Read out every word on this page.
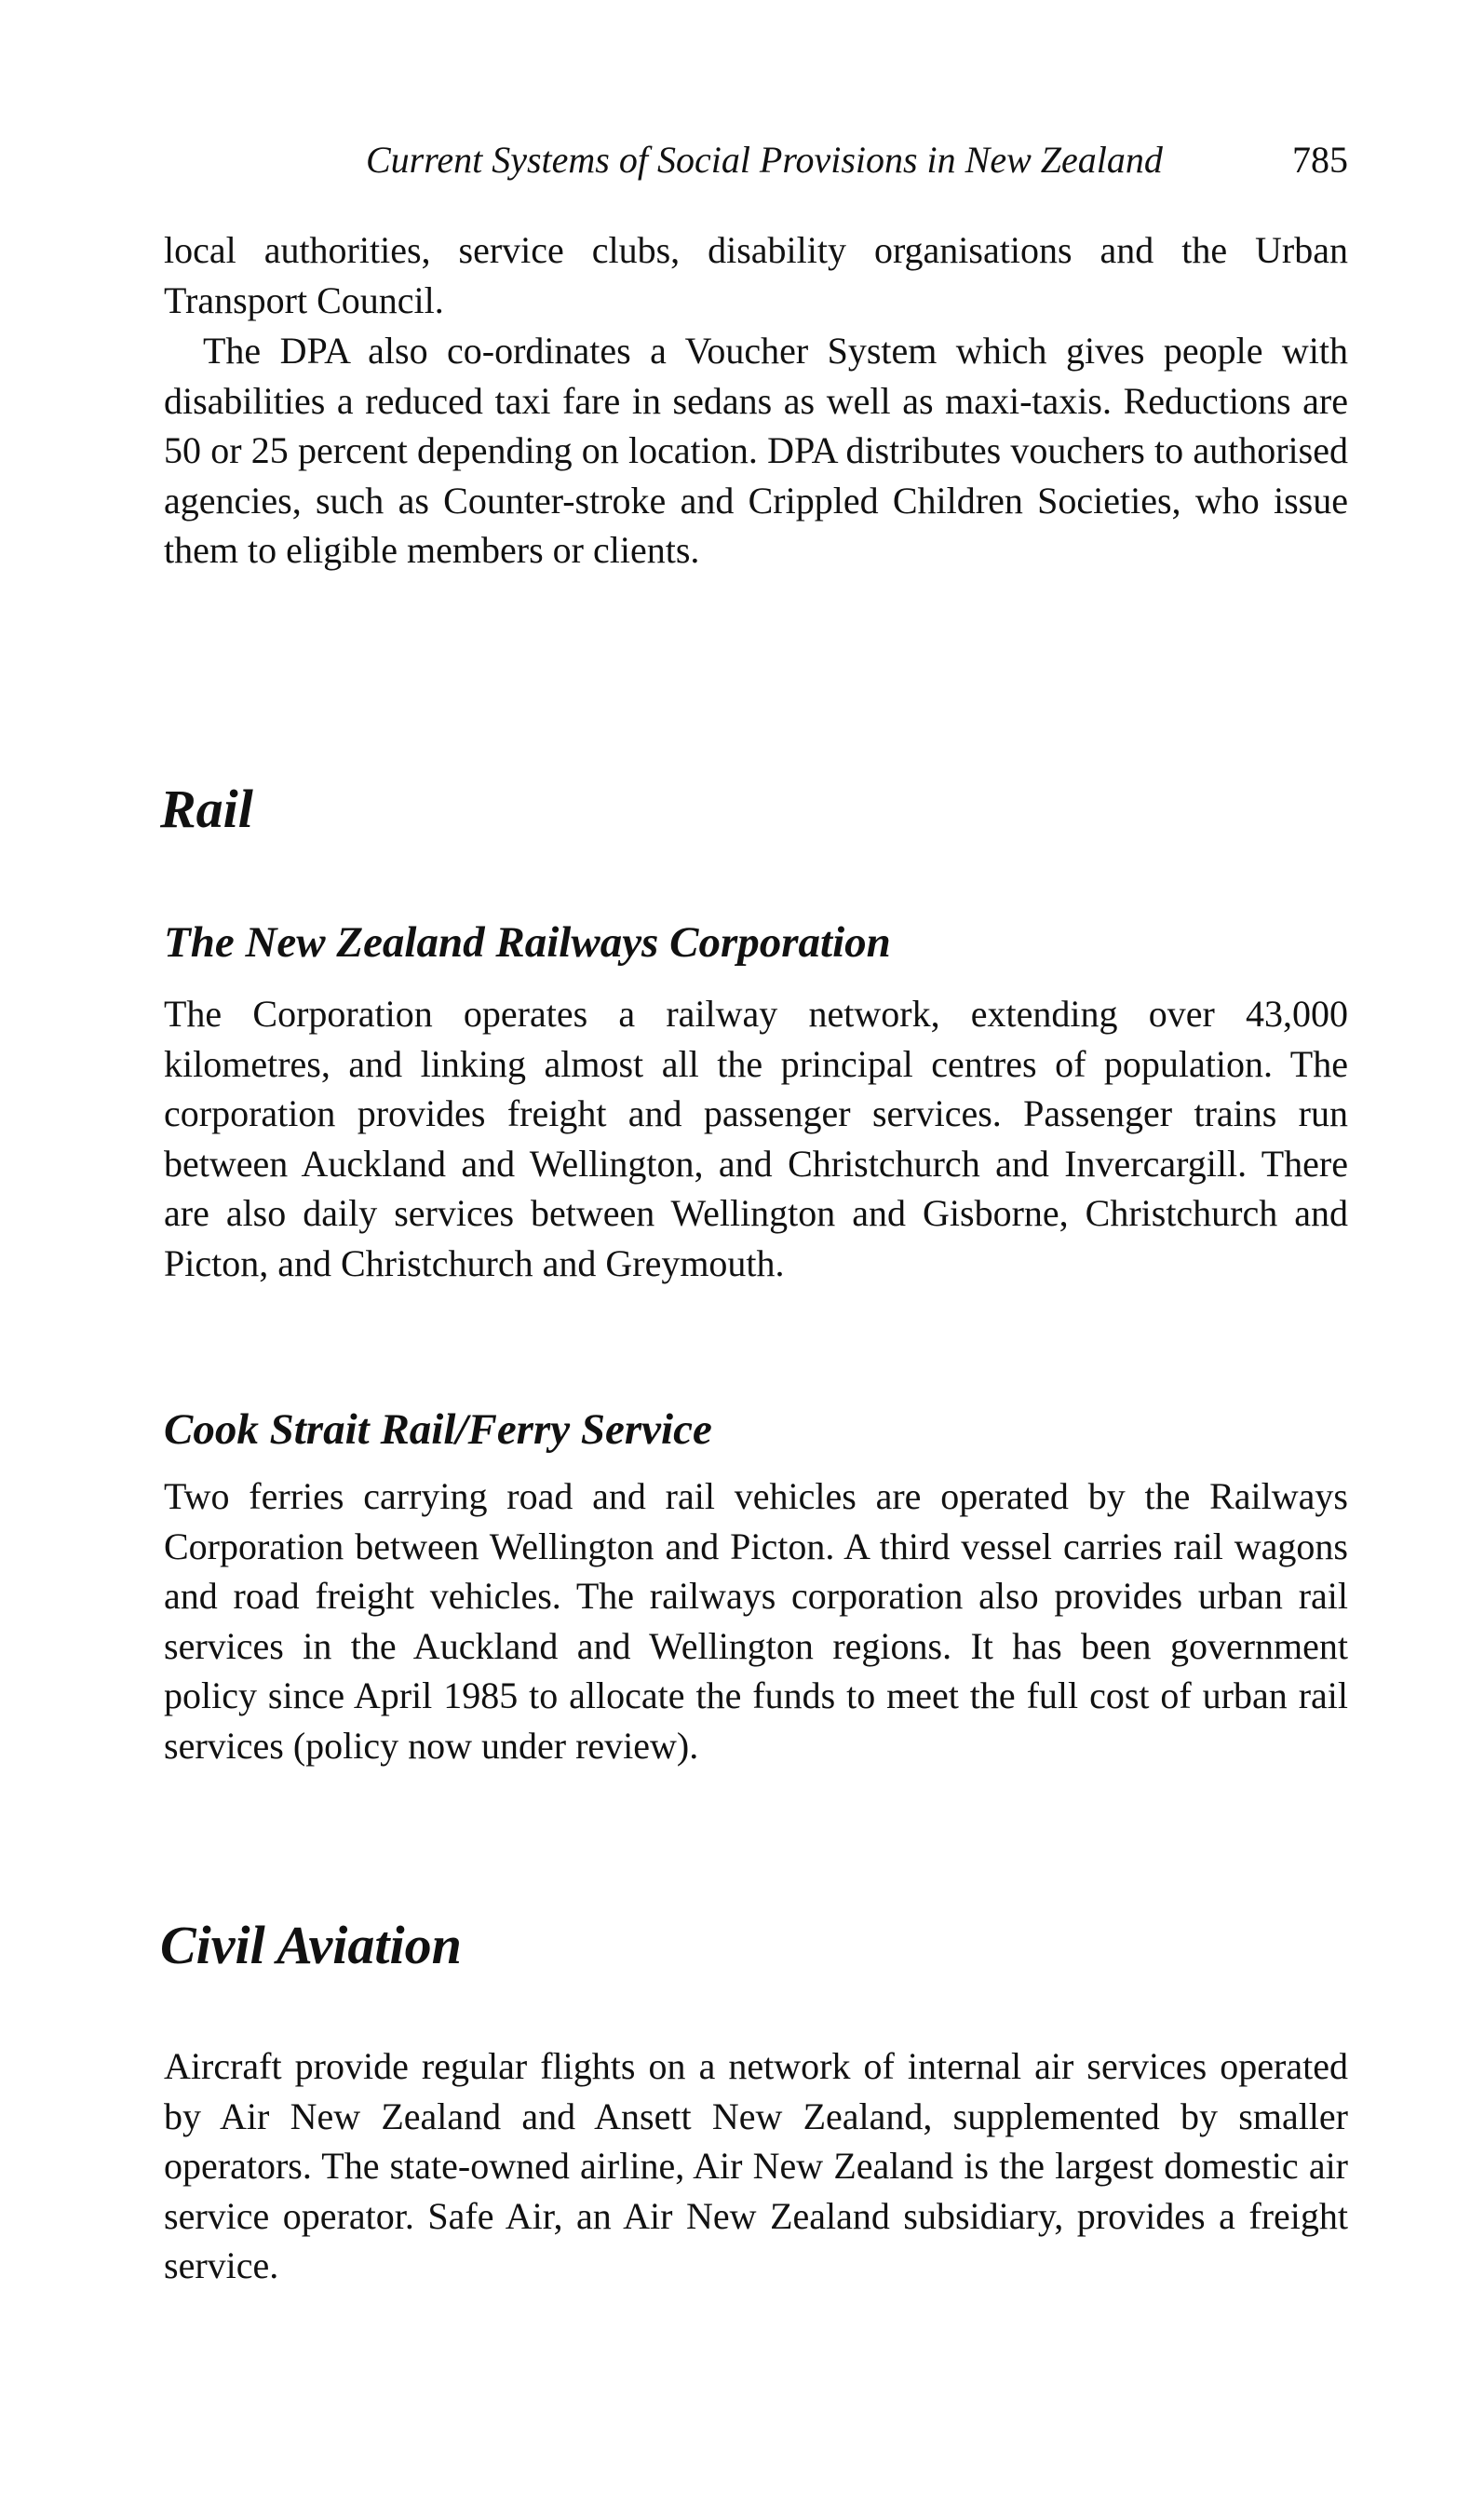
Current Systems of Social Provisions in New Zealand	785

local authorities, service clubs, disability organisations and the Urban Transport Council.

The DPA also co-ordinates a Voucher System which gives people with disabilities a reduced taxi fare in sedans as well as maxi-taxis. Reductions are 50 or 25 percent depending on location. DPA distributes vouchers to authorised agencies, such as Counter-stroke and Crippled Children Societies, who issue them to eligible members or clients.

Rail
The New Zealand Railways Corporation

The Corporation operates a railway network, extending over 43,000 kilometres, and linking almost all the principal centres of population. The corporation provides freight and passenger services. Passenger trains run between Auckland and Wellington, and Christchurch and Invercargill. There are also daily services between Wellington and Gisborne, Christchurch and Picton, and Christchurch and Greymouth.

Cook Strait Rail/Ferry Service

Two ferries carrying road and rail vehicles are operated by the Railways Corporation between Wellington and Picton. A third vessel carries rail wagons and road freight vehicles. The railways corporation also provides urban rail services in the Auckland and Wellington regions. It has been government policy since April 1985 to allocate the funds to meet the full cost of urban rail services (policy now under review).

Civil Aviation

Aircraft provide regular flights on a network of internal air services operated by Air New Zealand and Ansett New Zealand, supplemented by smaller operators. The state-owned airline, Air New Zealand is the largest domestic air service operator. Safe Air, an Air New Zealand subsidiary, provides a freight service.
